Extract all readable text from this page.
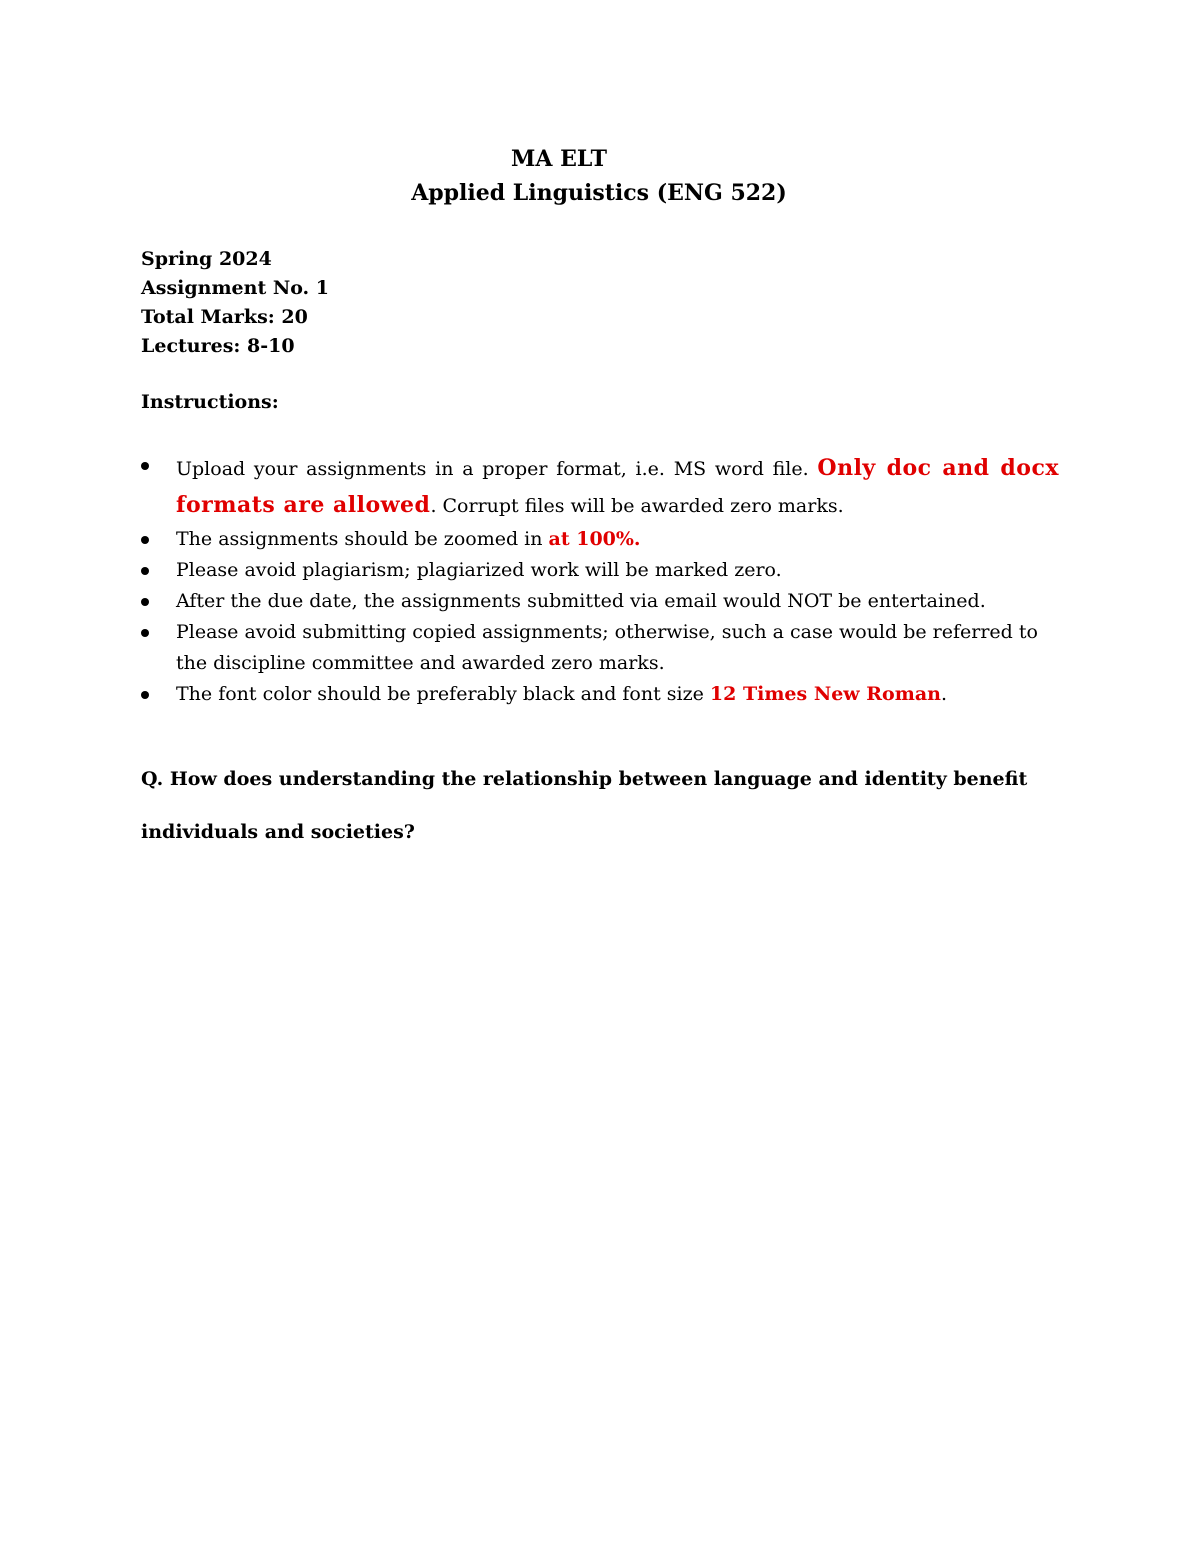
MA ELT
Applied Linguistics (ENG 522)
Spring 2024
Assignment No. 1
Total Marks: 20
Lectures: 8-10
Instructions:
Upload your assignments in a proper format, i.e. MS word file. Only doc and docx formats are allowed. Corrupt files will be awarded zero marks.
The assignments should be zoomed in at 100%.
Please avoid plagiarism; plagiarized work will be marked zero.
After the due date, the assignments submitted via email would NOT be entertained.
Please avoid submitting copied assignments; otherwise, such a case would be referred to the discipline committee and awarded zero marks.
The font color should be preferably black and font size 12 Times New Roman.
Q. How does understanding the relationship between language and identity benefit individuals and societies?
